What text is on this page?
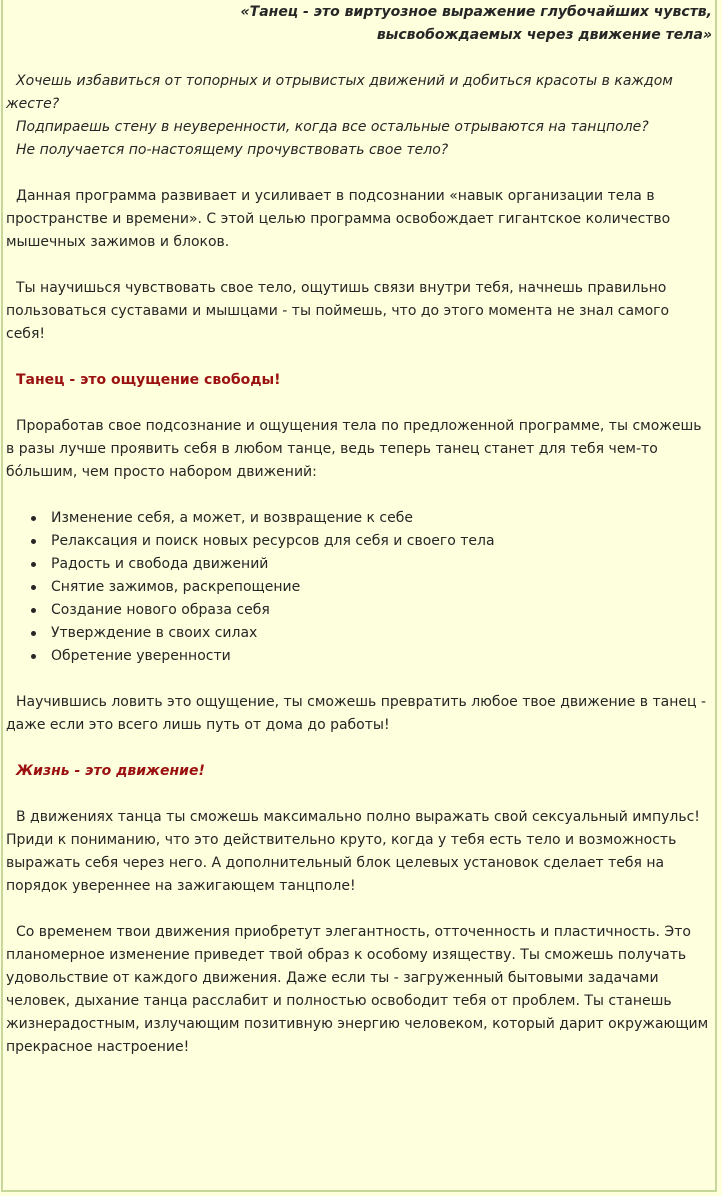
«Танец - это виртуозное выражение глубочайших чувств,
высвобождаемых через движение тела»
Хочешь избавиться от топорных и отрывистых движений и добиться красоты в каждом жесте?
Подпираешь стену в неуверенности, когда все остальные отрываются на танцполе?
Не получается по-настоящему прочувствовать свое тело?

Данная программа развивает и усиливает в подсознании «навык организации тела в пространстве и времени». С этой целью программа освобождает гигантское количество мышечных зажимов и блоков.

Ты научишься чувствовать свое тело, ощутишь связи внутри тебя, начнешь правильно пользоваться суставами и мышцами - ты поймешь, что до этого момента не знал самого себя!

Танец - это ощущение свободы!

Проработав свое подсознание и ощущения тела по предложенной программе, ты сможешь в разы лучше проявить себя в любом танце, ведь теперь танец станет для тебя чем-то бóльшим, чем просто набором движений:

Изменение себя, а может, и возвращение к себе
Релаксация и поиск новых ресурсов для себя и своего тела
Радость и свобода движений
Снятие зажимов, раскрепощение
Создание нового образа себя
Утверждение в своих силах
Обретение уверенности

Научившись ловить это ощущение, ты сможешь превратить любое твое движение в танец - даже если это всего лишь путь от дома до работы!

Жизнь - это движение!

В движениях танца ты сможешь максимально полно выражать свой сексуальный импульс! Приди к пониманию, что это действительно круто, когда у тебя есть тело и возможность выражать себя через него. А дополнительный блок целевых установок сделает тебя на порядок увереннее на зажигающем танцполе!

Со временем твои движения приобретут элегантность, отточенность и пластичность. Это планомерное изменение приведет твой образ к особому изяществу. Ты сможешь получать удовольствие от каждого движения. Даже если ты - загруженный бытовыми задачами человек, дыхание танца расслабит и полностью освободит тебя от проблем. Ты станешь жизнерадостным, излучающим позитивную энергию человеком, который дарит окружающим прекрасное настроение!
